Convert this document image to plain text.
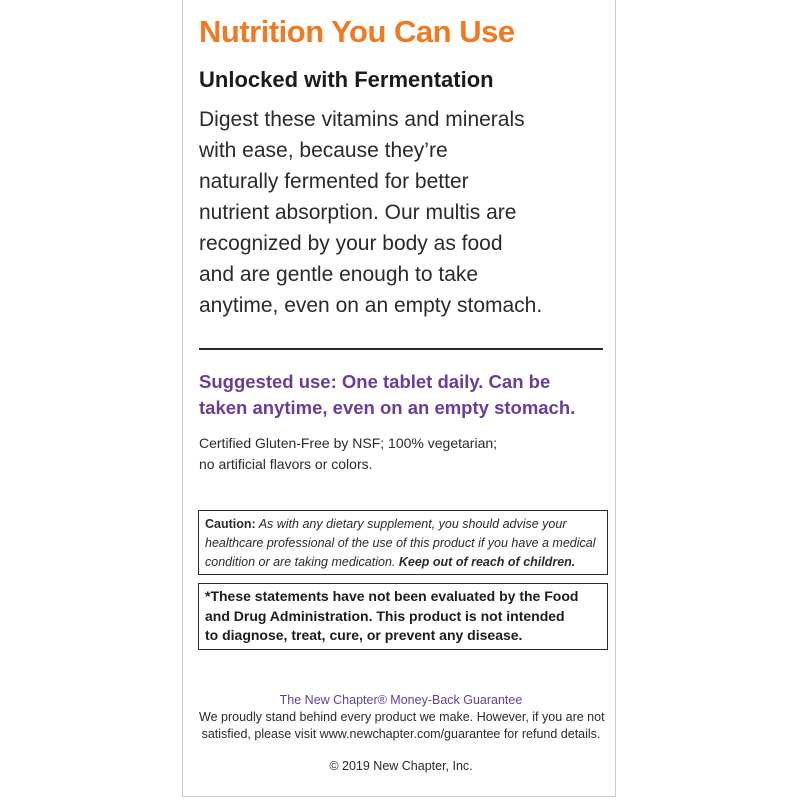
Nutrition You Can Use
Unlocked with Fermentation

Digest these vitamins and minerals
with ease, because they’re
naturally fermented for better
nutrient absorption. Our multis are
recognized by your body as food
and are gentle enough to take
anytime, even on an empty stomach.

Suggested use: One tablet daily. Can be
taken anytime, even on an empty stomach.

Certified Gluten-Free by NSF; 100% vegetarian;
no artificial flavors or colors.

Caution: As with any dietary supplement, you should advise your
healthcare professional of the use of this product if you have a medical
condition or are taking medication. Keep out of reach of children.
*These statements have not been evaluated by the Food
and Drug Administration. This product is not intended
to diagnose, treat, cure, or prevent any disease.
The New Chapter® Money-Back Guarantee
We proudly stand behind every product we make. However, if you are not
satisfied, please visit www.newchapter.com/guarantee for refund details.
© 2019 New Chapter, Inc.
